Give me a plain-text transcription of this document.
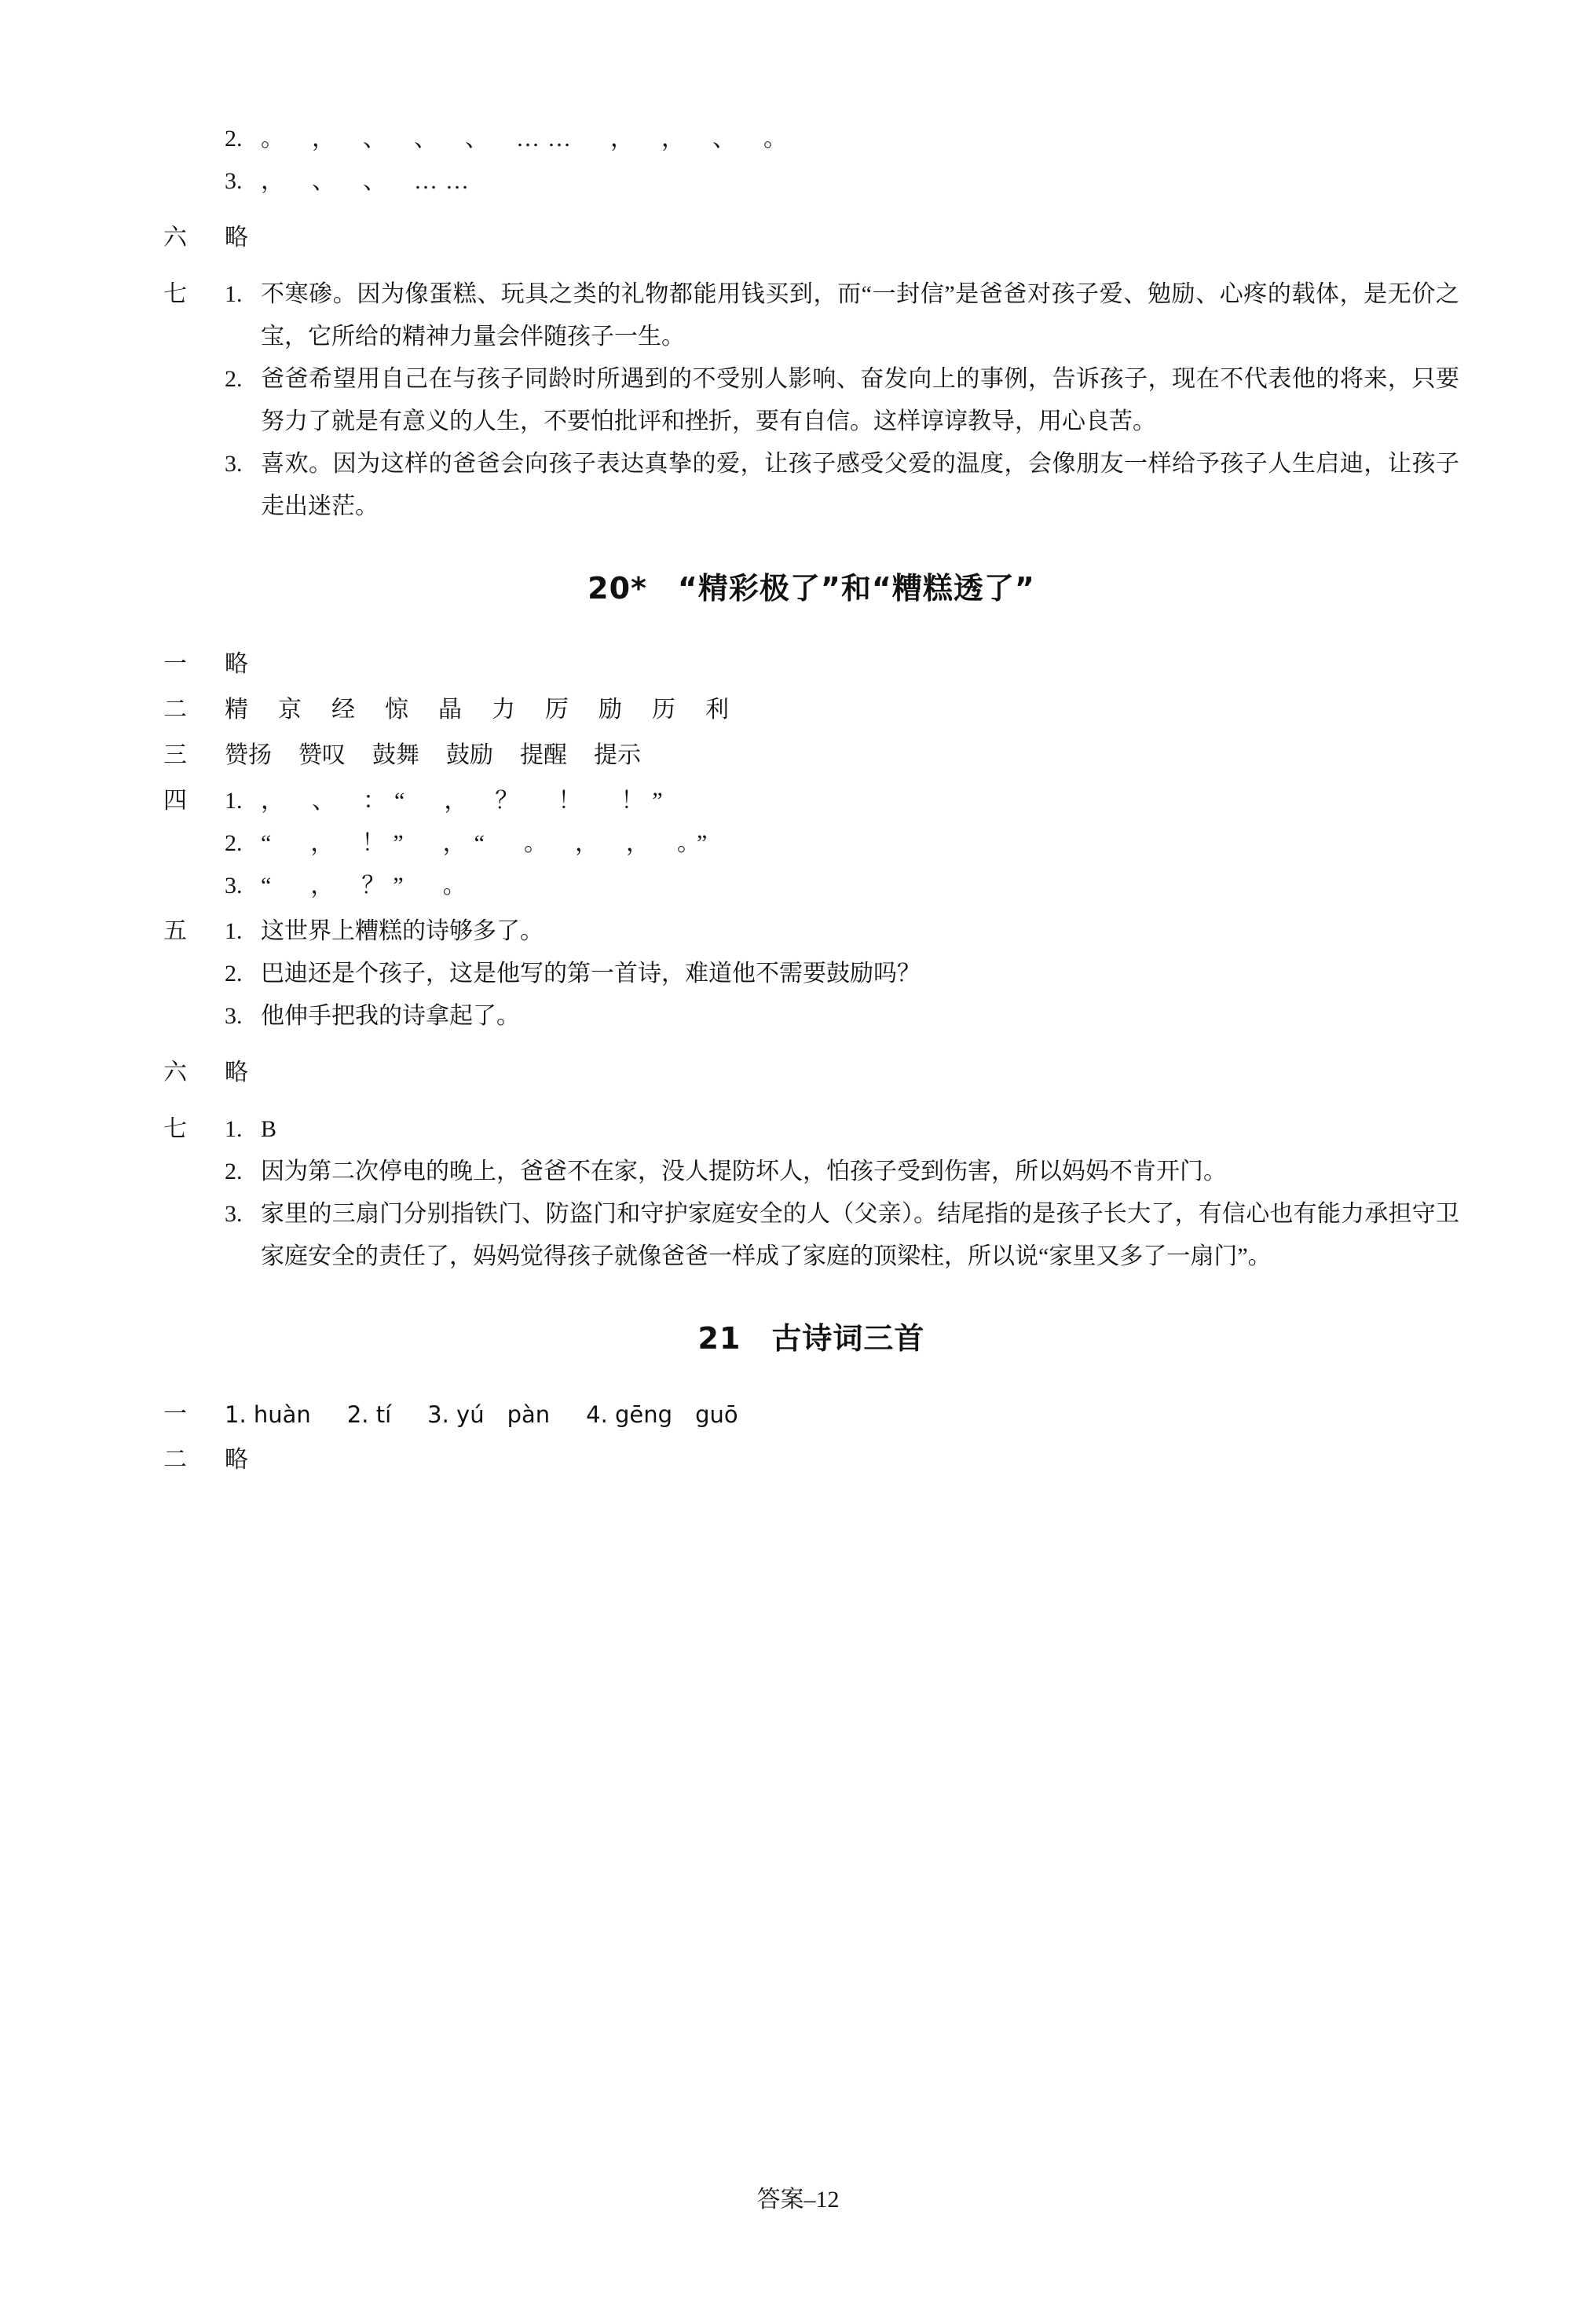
2. 。　，　、　、　、　……　，　，　、　。
3. ，　、　、　……
六	略
七	1. 不寒碜。因为像蛋糕、玩具之类的礼物都能用钱买到，而“一封信”是爸爸对孩子爱、勉励、心疼的载体，是无价之宝，它所给的精神力量会伴随孩子一生。
2. 爸爸希望用自己在与孩子同龄时所遇到的不受别人影响、奋发向上的事例，告诉孩子，现在不代表他的将来，只要努力了就是有意义的人生，不要怕批评和挫折，要有自信。这样谆谆教导，用心良苦。
3. 喜欢。因为这样的爸爸会向孩子表达真挚的爱，让孩子感受父爱的温度，会像朋友一样给予孩子人生启迪，让孩子走出迷茫。
20*　“精彩极了”和“糟糕透了”
一	略
二	精 京 经 惊 晶 力 厉 励 历 利
三	赞扬 赞叹 鼓舞 鼓励 提醒 提示
四	1. ，　、　：“　，　？　！　！”
2. “　，　！”　，“　。　，　，　。”
3. “　，　？”　。
五	1. 这世界上糟糕的诗够多了。
2. 巴迪还是个孩子，这是他写的第一首诗，难道他不需要鼓励吗？
3. 他伸手把我的诗拿起了。
六	略
七	1. B
2. 因为第二次停电的晚上，爸爸不在家，没人提防坏人，怕孩子受到伤害，所以妈妈不肯开门。
3. 家里的三扇门分别指铁门、防盗门和守护家庭安全的人（父亲）。结尾指的是孩子长大了，有信心也有能力承担守卫家庭安全的责任了，妈妈觉得孩子就像爸爸一样成了家庭的顶梁柱，所以说“家里又多了一扇门”。
21　古诗词三首
一	1. huàn 2. tí 3. yú　pàn 4. gēng　guō
二	略
答案–12
